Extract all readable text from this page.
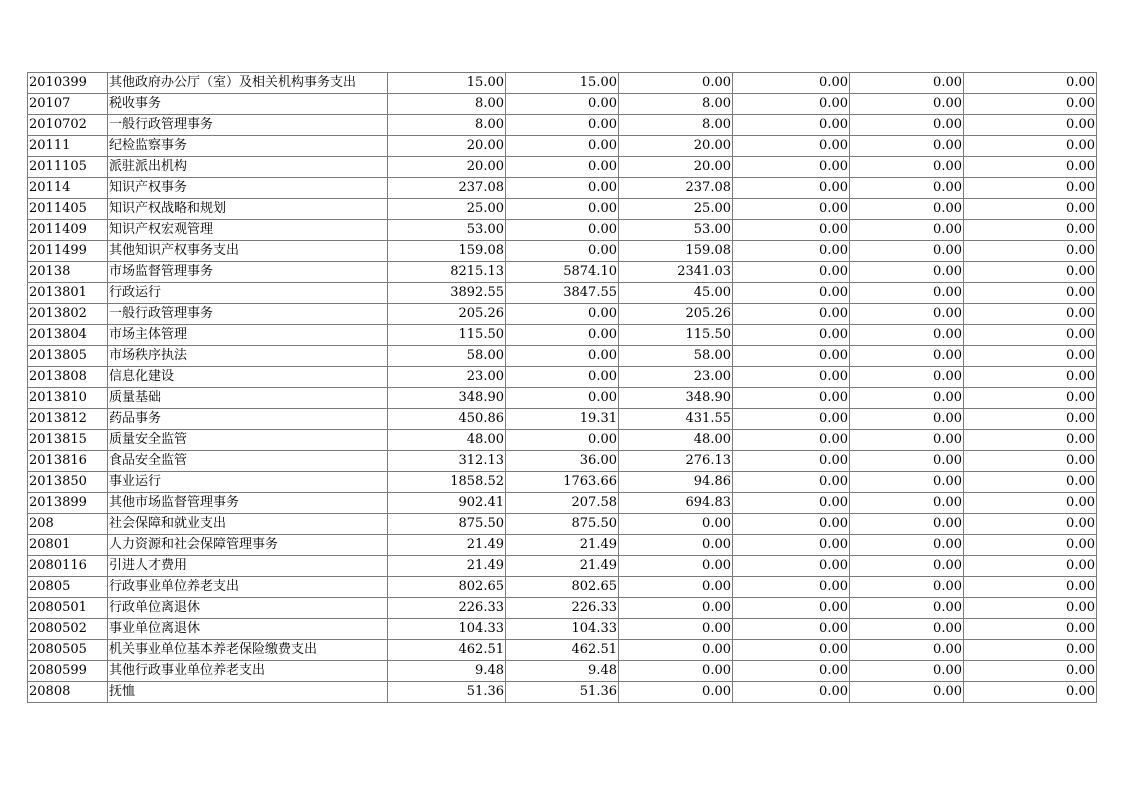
2010399	其他政府办公厅（室）及相关机构事务支出	15.00	15.00	0.00	0.00	0.00	0.00
20107	税收事务	8.00	0.00	8.00	0.00	0.00	0.00
2010702	一般行政管理事务	8.00	0.00	8.00	0.00	0.00	0.00
20111	纪检监察事务	20.00	0.00	20.00	0.00	0.00	0.00
2011105	派驻派出机构	20.00	0.00	20.00	0.00	0.00	0.00
20114	知识产权事务	237.08	0.00	237.08	0.00	0.00	0.00
2011405	知识产权战略和规划	25.00	0.00	25.00	0.00	0.00	0.00
2011409	知识产权宏观管理	53.00	0.00	53.00	0.00	0.00	0.00
2011499	其他知识产权事务支出	159.08	0.00	159.08	0.00	0.00	0.00
20138	市场监督管理事务	8215.13	5874.10	2341.03	0.00	0.00	0.00
2013801	行政运行	3892.55	3847.55	45.00	0.00	0.00	0.00
2013802	一般行政管理事务	205.26	0.00	205.26	0.00	0.00	0.00
2013804	市场主体管理	115.50	0.00	115.50	0.00	0.00	0.00
2013805	市场秩序执法	58.00	0.00	58.00	0.00	0.00	0.00
2013808	信息化建设	23.00	0.00	23.00	0.00	0.00	0.00
2013810	质量基础	348.90	0.00	348.90	0.00	0.00	0.00
2013812	药品事务	450.86	19.31	431.55	0.00	0.00	0.00
2013815	质量安全监管	48.00	0.00	48.00	0.00	0.00	0.00
2013816	食品安全监管	312.13	36.00	276.13	0.00	0.00	0.00
2013850	事业运行	1858.52	1763.66	94.86	0.00	0.00	0.00
2013899	其他市场监督管理事务	902.41	207.58	694.83	0.00	0.00	0.00
208	社会保障和就业支出	875.50	875.50	0.00	0.00	0.00	0.00
20801	人力资源和社会保障管理事务	21.49	21.49	0.00	0.00	0.00	0.00
2080116	引进人才费用	21.49	21.49	0.00	0.00	0.00	0.00
20805	行政事业单位养老支出	802.65	802.65	0.00	0.00	0.00	0.00
2080501	行政单位离退休	226.33	226.33	0.00	0.00	0.00	0.00
2080502	事业单位离退休	104.33	104.33	0.00	0.00	0.00	0.00
2080505	机关事业单位基本养老保险缴费支出	462.51	462.51	0.00	0.00	0.00	0.00
2080599	其他行政事业单位养老支出	9.48	9.48	0.00	0.00	0.00	0.00
20808	抚恤	51.36	51.36	0.00	0.00	0.00	0.00
